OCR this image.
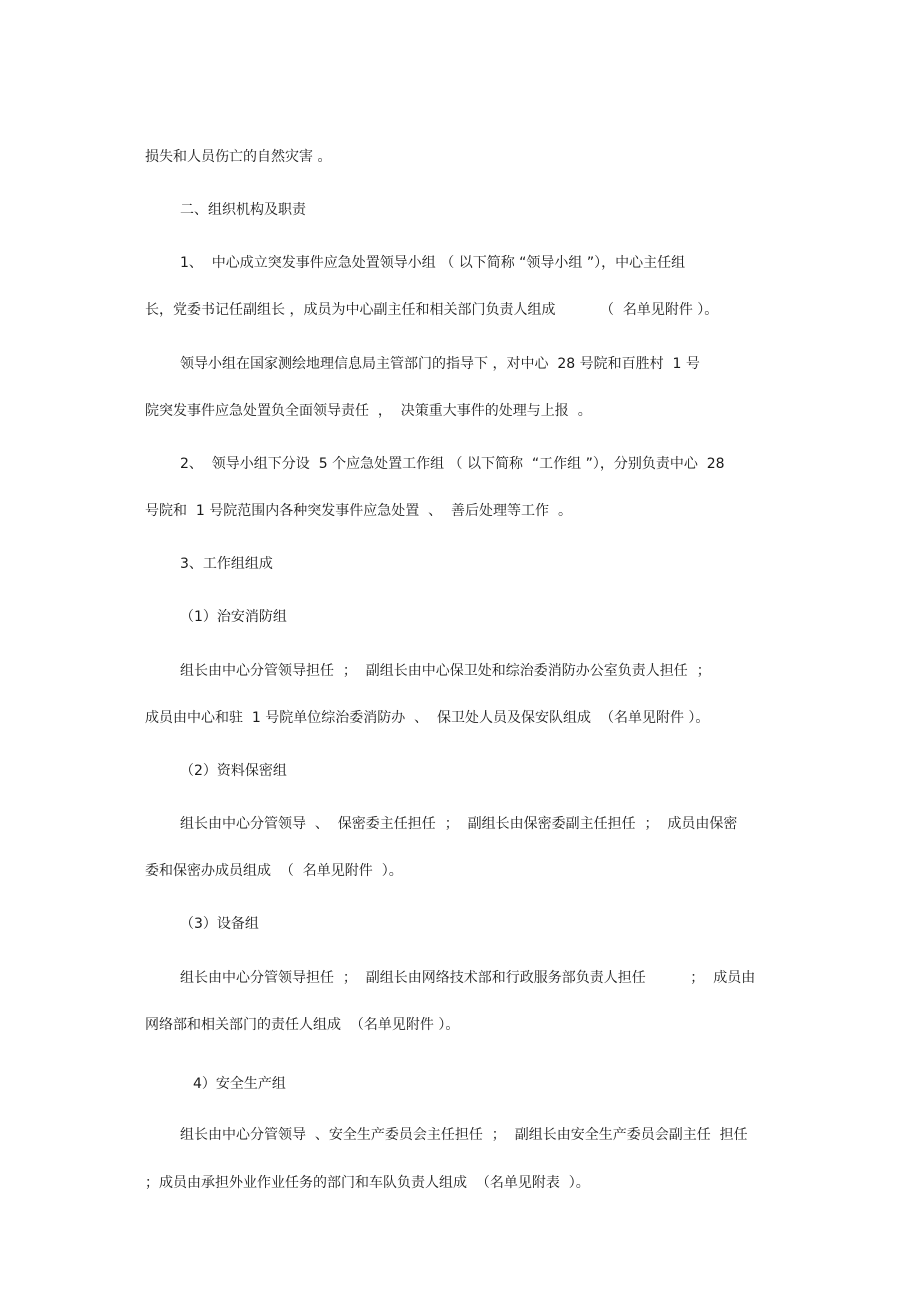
损失和人员伤亡的自然灾害 。
二、组织机构及职责
1、  中心成立突发事件应急处置领导小组 （ 以下简称 “领导小组 ”），中心主任组
长，党委书记任副组长 ，成员为中心副主任和相关部门负责人组成          （  名单见附件 ）。
领导小组在国家测绘地理信息局主管部门的指导下 ，对中心  28 号院和百胜村  1 号
院突发事件应急处置负全面领导责任  ，  决策重大事件的处理与上报  。
2、  领导小组下分设  5 个应急处置工作组 （ 以下简称  “工作组 ”），分别负责中心  28
号院和  1 号院范围内各种突发事件应急处置  、  善后处理等工作  。
3、工作组组成
（1）治安消防组
组长由中心分管领导担任  ；  副组长由中心保卫处和综治委消防办公室负责人担任  ；
成员由中心和驻  1 号院单位综治委消防办  、  保卫处人员及保安队组成  （名单见附件 ）。
（2）资料保密组
组长由中心分管领导  、  保密委主任担任  ；  副组长由保密委副主任担任  ；  成员由保密
委和保密办成员组成  （  名单见附件  ）。
（3）设备组
组长由中心分管领导担任  ；  副组长由网络技术部和行政服务部负责人担任          ；  成员由
网络部和相关部门的责任人组成  （名单见附件 ）。
4）安全生产组
组长由中心分管领导  、安全生产委员会主任担任  ；  副组长由安全生产委员会副主任  担任
；成员由承担外业作业任务的部门和车队负责人组成  （名单见附表  ）。
